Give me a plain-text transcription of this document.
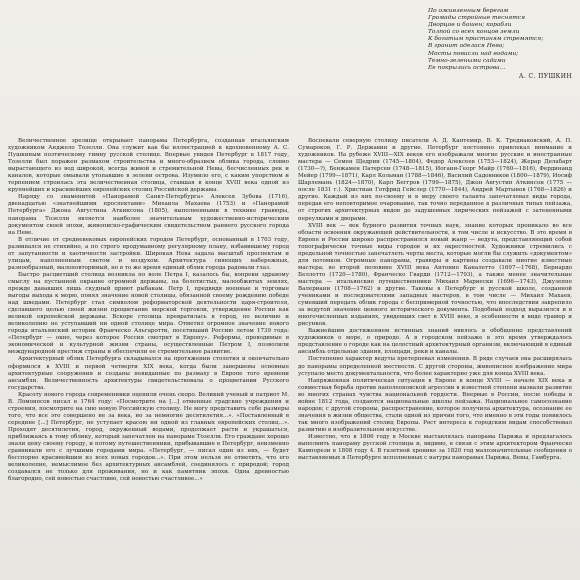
По оживленным берегам
Громады стройные теснятся
Дворцов и башен; корабли
Толпой со всех концов земли
К богатым пристаням стремятся;
В гранит оделася Нева;
Мосты повисли над водами;
Темно-зелеными садами
Ее покрылись острова...
А. С. ПУШКИН

Величественное зрелище открывает панорама Петербурга, созданная итальянским художником Анджело Тозелли. Она служит как бы иллюстрацией к вдохновенному А. С. Пушкиным поэтическому гимну русской столице. Впервые увидев Петербург в 1817 году, Тозелли был поражен размахом строительства и много-образием облика города, словно вырастающего из вод широкой, всегда живой и стремительной Невы, бесчисленных рек и каналов, которые омывали утопавшие в зелени острова. Изумило его, с каким упорством и терпением строилась эта величественная столица, ставшая в конце XVIII века одной из крупнейших и красивейших европейских столиц Российской державы.

Наряду со знаменитой «Панорамой Санкт-Петербурга» Алексея Зубова (1716), двенадцатью «знатнейшими проспектами» Михаила Махаева (1753) и «Панорамой Петербурга» Джона Августина Аткинсона (1805), выполненными в технике гравюры, панорама Тозелли является наиболее значительным художественно-историческим документом своей эпохи, живописно-графическим свидетельством раннего русского города на Неве.

В отличие от средневековых европейских городов Петербург, основанный в 1703 году, развивался не стихийно, а по строго продуманному регулярному плану, избавившему город от запутанности и хаотичности застройки. Широкая Нева задала масштаб проспектам и улицам, наполненным светом и воздухом. Архитектура сияющих набережных, разнообразный, малоповторимый, но в то же время единый облик города радовали глаз.

Быстро расцветший столица возникла по воле Петра I, казалось бы, вопреки здравому смыслу на пустынной окраине огромной державы, на болотистых, малообжитых землях, прежде дававших лишь скудный приют рыбакам. Петр I, предвидя военные и торговые выгоды выхода к морю, понял значение новой столицы, обязанной своему рождению победе над шведами. Петербург стал символом реформаторской деятельности царя-строителя, сделавшего целью своей жизни процветание морской торговли, утверждение России как великой европейской державы. Вскоре столица превратилась в город, по величию и великолепию не уступавший ни одной столице мира. Отметил огромное значение нового города итальянский историк Франческо Альгаротти, посетивший Россию летом 1739 года: «Петербург — окно, через которое Россия смотрит в Европу». Реформы, проводимые в экономической и культурной жизни страны, осуществленные Петром I, позволили международной престиж страны и обеспечили ее стремительное развитие.

Архитектурный облик Петербурга складывался на протяжении столетия и окончательно оформился в XVIII и первой четверти XIX века, когда были завершены основные архитектурные сооружения и созданы невиданные по размаху в Европе того времени ансамбли. Величественность архитектуры свидетельствовала о процветании Русского государства.

Красоту нового города современники оценили очень скоро. Великий ученый и патриот М. В. Ломоносов писал в 1764 году: «Посмотрите на [...] отменные градские учреждения и строения, посмотрите на сию новую Российскую столицу. Не могу представить себе размеры того, что все это совершено не за века, но за немногие десятилетия...». «Поставленный в середине [...] Петербург, не уступает красою ни одной из главных европейских столиц...». Проходят десятилетия, город, окруженный водами, продолжает расти и украшаться, приближаясь к тому облику, который запечатлен на панораме Тозелли. Его граждане хорошо знали цену своему городу, и потому путешественники, прибывавшие в Петербург, неизменно сравнивали его с лучшими городами мира. «Петербург, — писал один из них, — будет бесспорно красивейшим из всех новых городов...». При этом нельзя не отметить, что его великолепие, немыслимое без архитектурных ансамблей, соединялось с природой; город создавался не только для проживания, но и как памятник эпохи. Одна древностью благородно, сей новостью счастливо, сей новостью счастливое...»

Воспевали северную столицу писатели А. Д. Кантемир, В. К. Тредиаковский, А. П. Сумароков, Г. Р. Державин и другие. Петербург постоянно привлекал внимание и художников. На рубеже XVIII—XIX веков его изображали многие русские и иностранные мастера — Семен Щедрин (1745—1804), Федор Алексеев (1753—1824), Жерар Делабарт (1730—?), Бенжамен Патерсен (1748—1815), Иоганн-Георг Майр (1760—1816), Фердинанд Мейер (1799—1871), Карл Кольман (1788—1846), Василий Садовников (1800—1879), Иосиф Шарлемань (1824—1870), Карл Беггров (1799—1875), Джон Августин Аткинсон (1775 — после 1831 г.). Христиан Готфрид Гейслер (1770—1844), Андрей Мартынов (1768—1826) и другие. Каждый из них по-своему и в меру своего таланта запечатлевал виды города, передав его неповторимое очарование, так точно переданное в различных типах пейзажа, от строгих архитектурных видов до задушевных лирических пейзажей с затененными переулками и дворами.

XVIII век — век бурного развития точных наук, знание которых проникало во все области освоения окружающей действительности, в том числе и искусство. В это время в Европе и России широко распространился новый жанр — ведута, представляющий собой топографически точные виды городов и их окрестностей. Художники стремились с предельной точностью запечатлеть черты места, которые могли бы служить «документом» для потомков. Огромные панорамы, гравюры и картины создавали многие известные мастера; во второй половине XVIII века Антонио Каналетто (1697—1768), Бернардо Беллотто (1720—1780), Франческо Гварди (1712—1793), а также менее значительные мастера — итальянские путешественники Михаил Мариески (1696—1743), Джузеппе Валериани (1708—1762) и другие. Таковы в Петербург и русской школе, созданной учениками и последователями западных мастеров, в том числе — Михаил Махаев, сумевший передать облик города с беспримерной точностью, что впоследствии закрепило за ведутой значение ценного исторического документа. Подобный подход выразился и в многочисленных изданиях, увидевших свет в XVIII веке, в особенности в виде гравюр и рисунков.

Важнейшим достижением истинных знаний явилось в обобщенно представлений художников о море, о природе. А в городском пейзаже в это время утверждалось представление о городе как на целостный архитектурный организм, включающий в единый ансамбль отдельные здания, площади, реки и каналы.

Постепенно характер ведуты претерпевал изменения. В ряде случаев она расширялась до панорамы определенной местности. С другой стороны, живописное изображение мира уступало место документальности, что более характерно уже для конца XVIII века.

Напряженная политическая ситуация в Европе в конце XVIII — начале XIX века и совместная борьба против наполеоновской агрессии в известной степени вызвали развитие во многих странах чувства национальной гордости. Впервые в России, после победы в войне 1812 года, создаются национальные школы пейзажа. Национальное самосознание народов; с другой стороны, распространение, которое получила архитектура, осознание ее значения в жизни общества, стали одной из причин того, что именно в эти годы появилось так много изображений столиц Европы. Рост интереса к городским видам способствовал развитию в изобразительном искусстве.

Известно, что в 1806 году в Москве выставлялась панорама Парижа и предлагалось выполнить панораму русской столицы и, видимо, в связи с этим архитектором Франческо Кампорези в 1808 году 4. В газетной хронике за 1820 год малозначительные сообщения о выставляемых в Петербурге исполненных с натуры панорамах Парижа, Вены, Гамбурга.
